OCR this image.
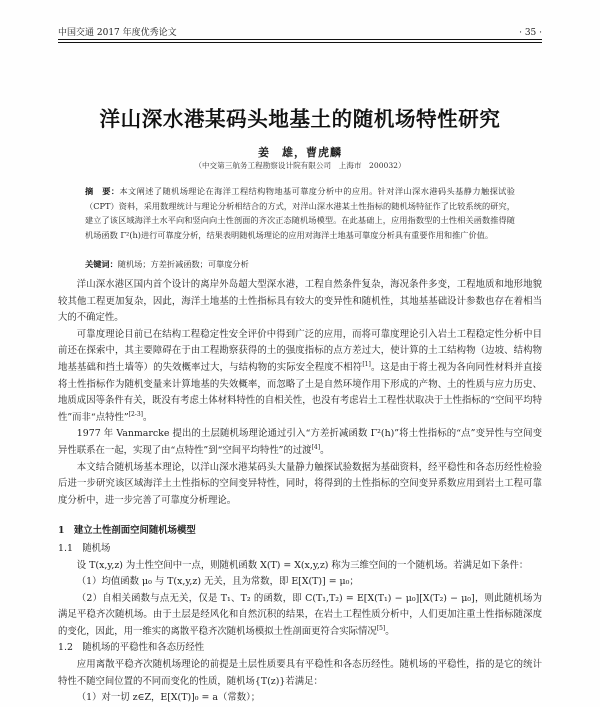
中国交通 2017 年度优秀论文	· 35 ·
洋山深水港某码头地基土的随机场特性研究
姜　雄，曹虎麟
（中交第三航务工程勘察设计院有限公司　上海市　200032）
摘　要：本文阐述了随机场理论在海洋工程结构物地基可靠度分析中的应用。针对洋山深水港码头基静力触探试验（CPT）资料，采用数理统计与理论分析相结合的方式，对洋山深水港某土性指标的随机场特征作了比较系统的研究，建立了该区域海洋土水平向和竖向向土性剖面的齐次正态随机场模型。在此基础上，应用指数型的土性相关函数推得随机场函数 Γ²(h)进行可靠度分析，结果表明随机场理论的应用对海洋土地基可靠度分析具有重要作用和推广价值。
关键词：随机场；方差折减函数；可靠度分析

洋山深水港区国内首个设计的离岸外岛超大型深水港，工程自然条件复杂，海况条件多变，工程地质和地形地貌较其他工程更加复杂，因此，海洋土地基的土性指标具有较大的变异性和随机性，其地基基础设计参数也存在着相当大的不确定性。

可靠度理论目前已在结构工程稳定性安全评价中得到广泛的应用，而将可靠度理论引入岩土工程稳定性分析中目前还在探索中，其主要障碍在于由工程勘察获得的土的强度指标的点方差过大，使计算的土工结构物（边坡、结构物地基基础和挡土墙等）的失效概率过大，与结构物的实际安全程度不相符[1]。这是由于将土视为各向同性材料并直接将土性指标作为随机变量来计算地基的失效概率，而忽略了土是自然环境作用下形成的产物、土的性质与应力历史、地质成因等条件有关，既没有考虑土体材料特性的自相关性，也没有考虑岩土工程性状取决于土性指标的“空间平均特性”而非“点特性”[2-3]。

1977 年 Vanmarcke 提出的土层随机场理论通过引入“方差折减函数 Γ²(h)”将土性指标的“点”变异性与空间变异性联系在一起，实现了由“点特性”到“空间平均特性”的过渡[4]。

本文结合随机场基本理论，以洋山深水港某码头大量静力触探试验数据为基础资料，经平稳性和各态历经性检验后进一步研究该区域海洋土土性指标的空间变异特性，同时，将得到的土性指标的空间变异系数应用到岩土工程可靠度分析中，进一步完善了可靠度分析理论。

1　建立土性剖面空间随机场模型
1.1　随机场

设 T(x,y,z) 为土性空间中一点，则随机函数 X(T) = X(x,y,z) 称为三维空间的一个随机场。若满足如下条件：

（1）均值函数 μ₀ 与 T(x,y,z) 无关，且为常数，即 E[X(T)] = μ₀；

（2）自相关函数与点无关，仅是 T₁、T₂ 的函数，即 C(T₁,T₂) = E[X(T₁) − μ₀][X(T₂) − μ₀]，则此随机场为满足平稳齐次随机场。由于土层是经风化和自然沉积的结果，在岩土工程性质分析中，人们更加注重土性指标随深度的变化，因此，用一维实的离散平稳齐次随机场模拟土性剖面更符合实际情况[5]。

1.2　随机场的平稳性和各态历经性

应用离散平稳齐次随机场理论的前提是土层性质要具有平稳性和各态历经性。随机场的平稳性，指的是它的统计特性不随空间位置的不同而变化的性质，随机场{T(z)}若满足：

（1）对一切 z∈Z，E[X(T)]₀ = a（常数）；
